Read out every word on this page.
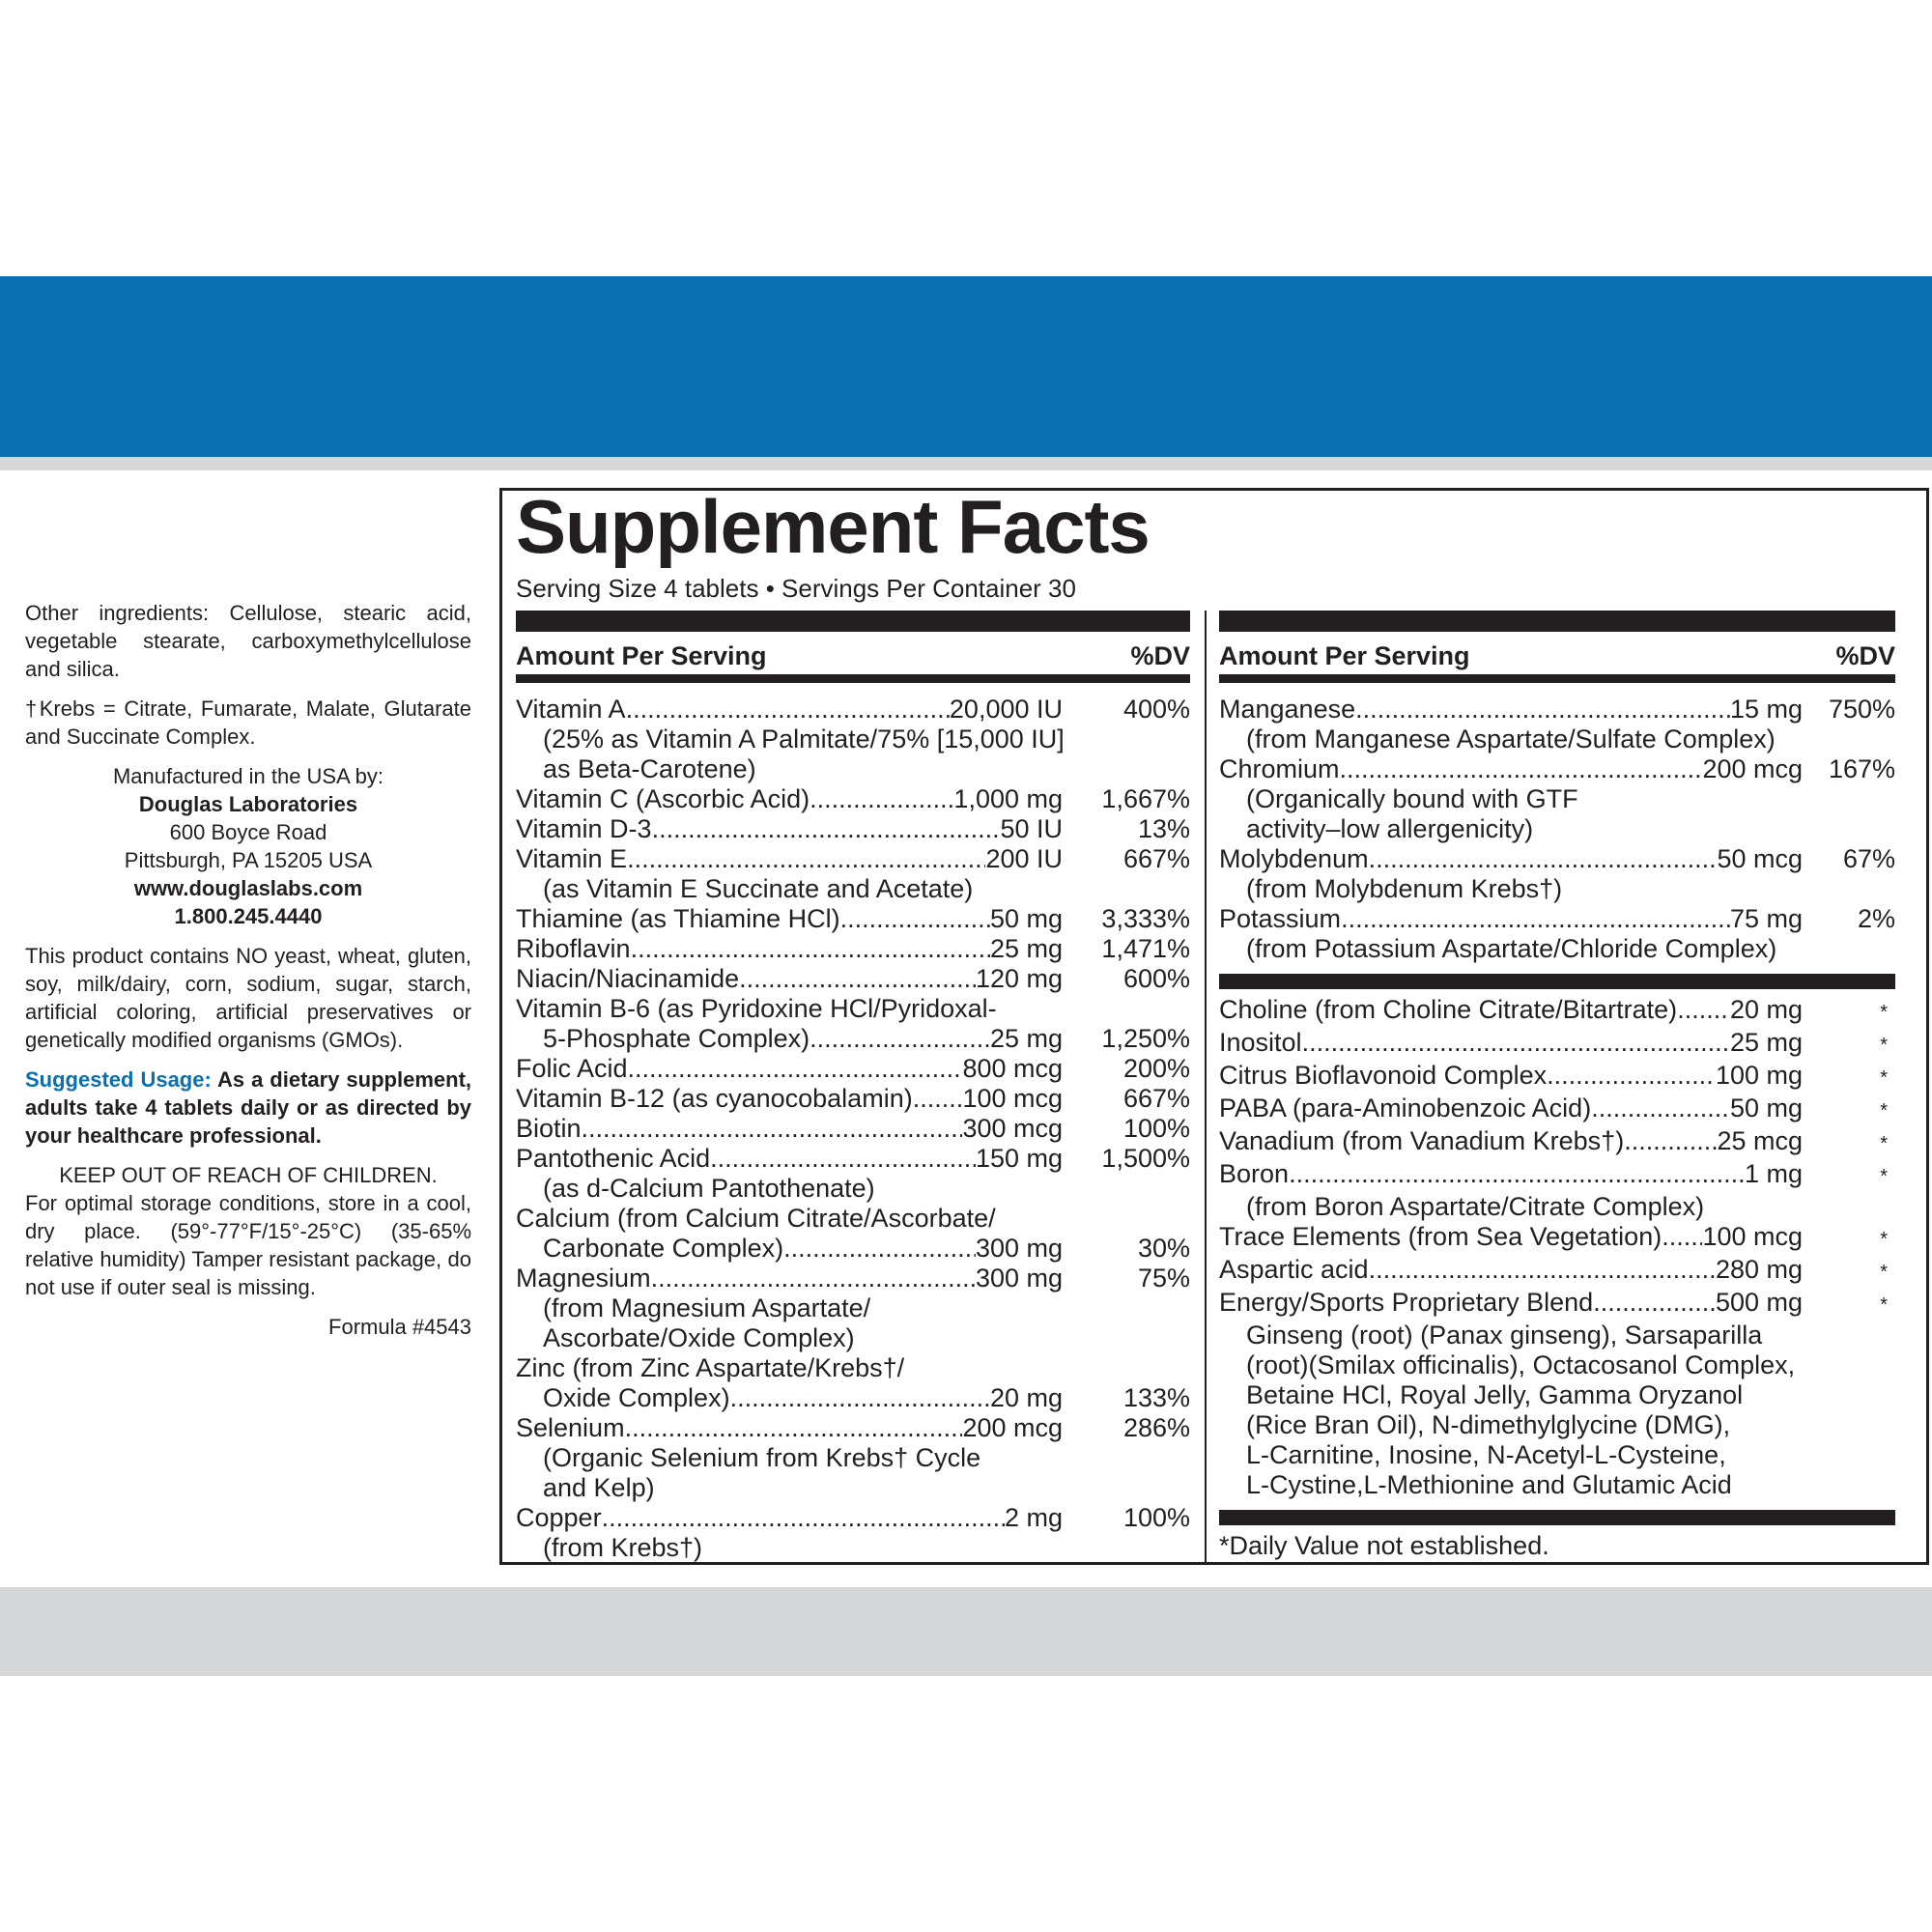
Other ingredients: Cellulose, stearic acid, vegetable stearate, carboxymethylcellulose and silica.

†Krebs = Citrate, Fumarate, Malate, Glutarate and Succinate Complex.

Manufactured in the USA by:
Douglas Laboratories
600 Boyce Road
Pittsburgh, PA 15205 USA
www.douglaslabs.com
1.800.245.4440

This product contains NO yeast, wheat, gluten, soy, milk/dairy, corn, sodium, sugar, starch, artificial coloring, artificial preservatives or genetically modified organisms (GMOs).

Suggested Usage: As a dietary supplement, adults take 4 tablets daily or as directed by your healthcare professional.

KEEP OUT OF REACH OF CHILDREN.

For optimal storage conditions, store in a cool, dry place. (59°-77°F/15°-25°C) (35-65% relative humidity) Tamper resistant package, do not use if outer seal is missing.

Formula #4543
Supplement Facts
Serving Size 4 tablets • Servings Per Container 30
Amount Per Serving	%DV
Vitamin A .....	20,000 IU	400%
(25% as Vitamin A Palmitate/75% [15,000 IU]
as Beta-Carotene)
Vitamin C (Ascorbic Acid) .....	1,000 mg	1,667%
Vitamin D-3 .....	50 IU	13%
Vitamin E .....	200 IU	667%
(as Vitamin E Succinate and Acetate)
Thiamine (as Thiamine HCl) .....	50 mg	3,333%
Riboflavin .....	25 mg	1,471%
Niacin/Niacinamide .....	120 mg	600%
Vitamin B-6 (as Pyridoxine HCl/Pyridoxal-
5-Phosphate Complex) .....	25 mg	1,250%
Folic Acid .....	800 mcg	200%
Vitamin B-12 (as cyanocobalamin) ..... 100 mcg	667%
Biotin .....	300 mcg	100%
Pantothenic Acid .....	150 mg	1,500%
(as d-Calcium Pantothenate)
Calcium (from Calcium Citrate/Ascorbate/
Carbonate Complex) .....	300 mg	30%
Magnesium .....	300 mg	75%
(from Magnesium Aspartate/
Ascorbate/Oxide Complex)
Zinc (from Zinc Aspartate/Krebs†/
Oxide Complex) .....	20 mg	133%
Selenium .....	200 mcg	286%
(Organic Selenium from Krebs† Cycle
and Kelp)
Copper .....	2 mg	100%
(from Krebs†)
Amount Per Serving	%DV
Manganese .....	15 mg 750%
(from Manganese Aspartate/Sulfate Complex)
Chromium .....	200 mcg 167%
(Organically bound with GTF
activity–low allergenicity)
Molybdenum .....	50 mcg	67%
(from Molybdenum Krebs†)
Potassium .....	75 mg	2%
(from Potassium Aspartate/Chloride Complex)
Choline (from Choline Citrate/Bitartrate) ..... 20 mg	*
Inositol .....	25 mg	*
Citrus Bioflavonoid Complex .....	100 mg	*
PABA (para-Aminobenzoic Acid) .....	50 mg	*
Vanadium (from Vanadium Krebs†) .....	25 mcg	*
Boron .....	1 mg	*
(from Boron Aspartate/Citrate Complex)
Trace Elements (from Sea Vegetation) ..... 100 mcg	*
Aspartic acid .....	280 mg	*
Energy/Sports Proprietary Blend .....	500 mg	*
Ginseng (root) (Panax ginseng), Sarsaparilla
(root)(Smilax officinalis), Octacosanol Complex,
Betaine HCl, Royal Jelly, Gamma Oryzanol
(Rice Bran Oil), N-dimethylglycine (DMG),
L-Carnitine, Inosine, N-Acetyl-L-Cysteine,
L-Cystine,L-Methionine and Glutamic Acid
*Daily Value not established.
